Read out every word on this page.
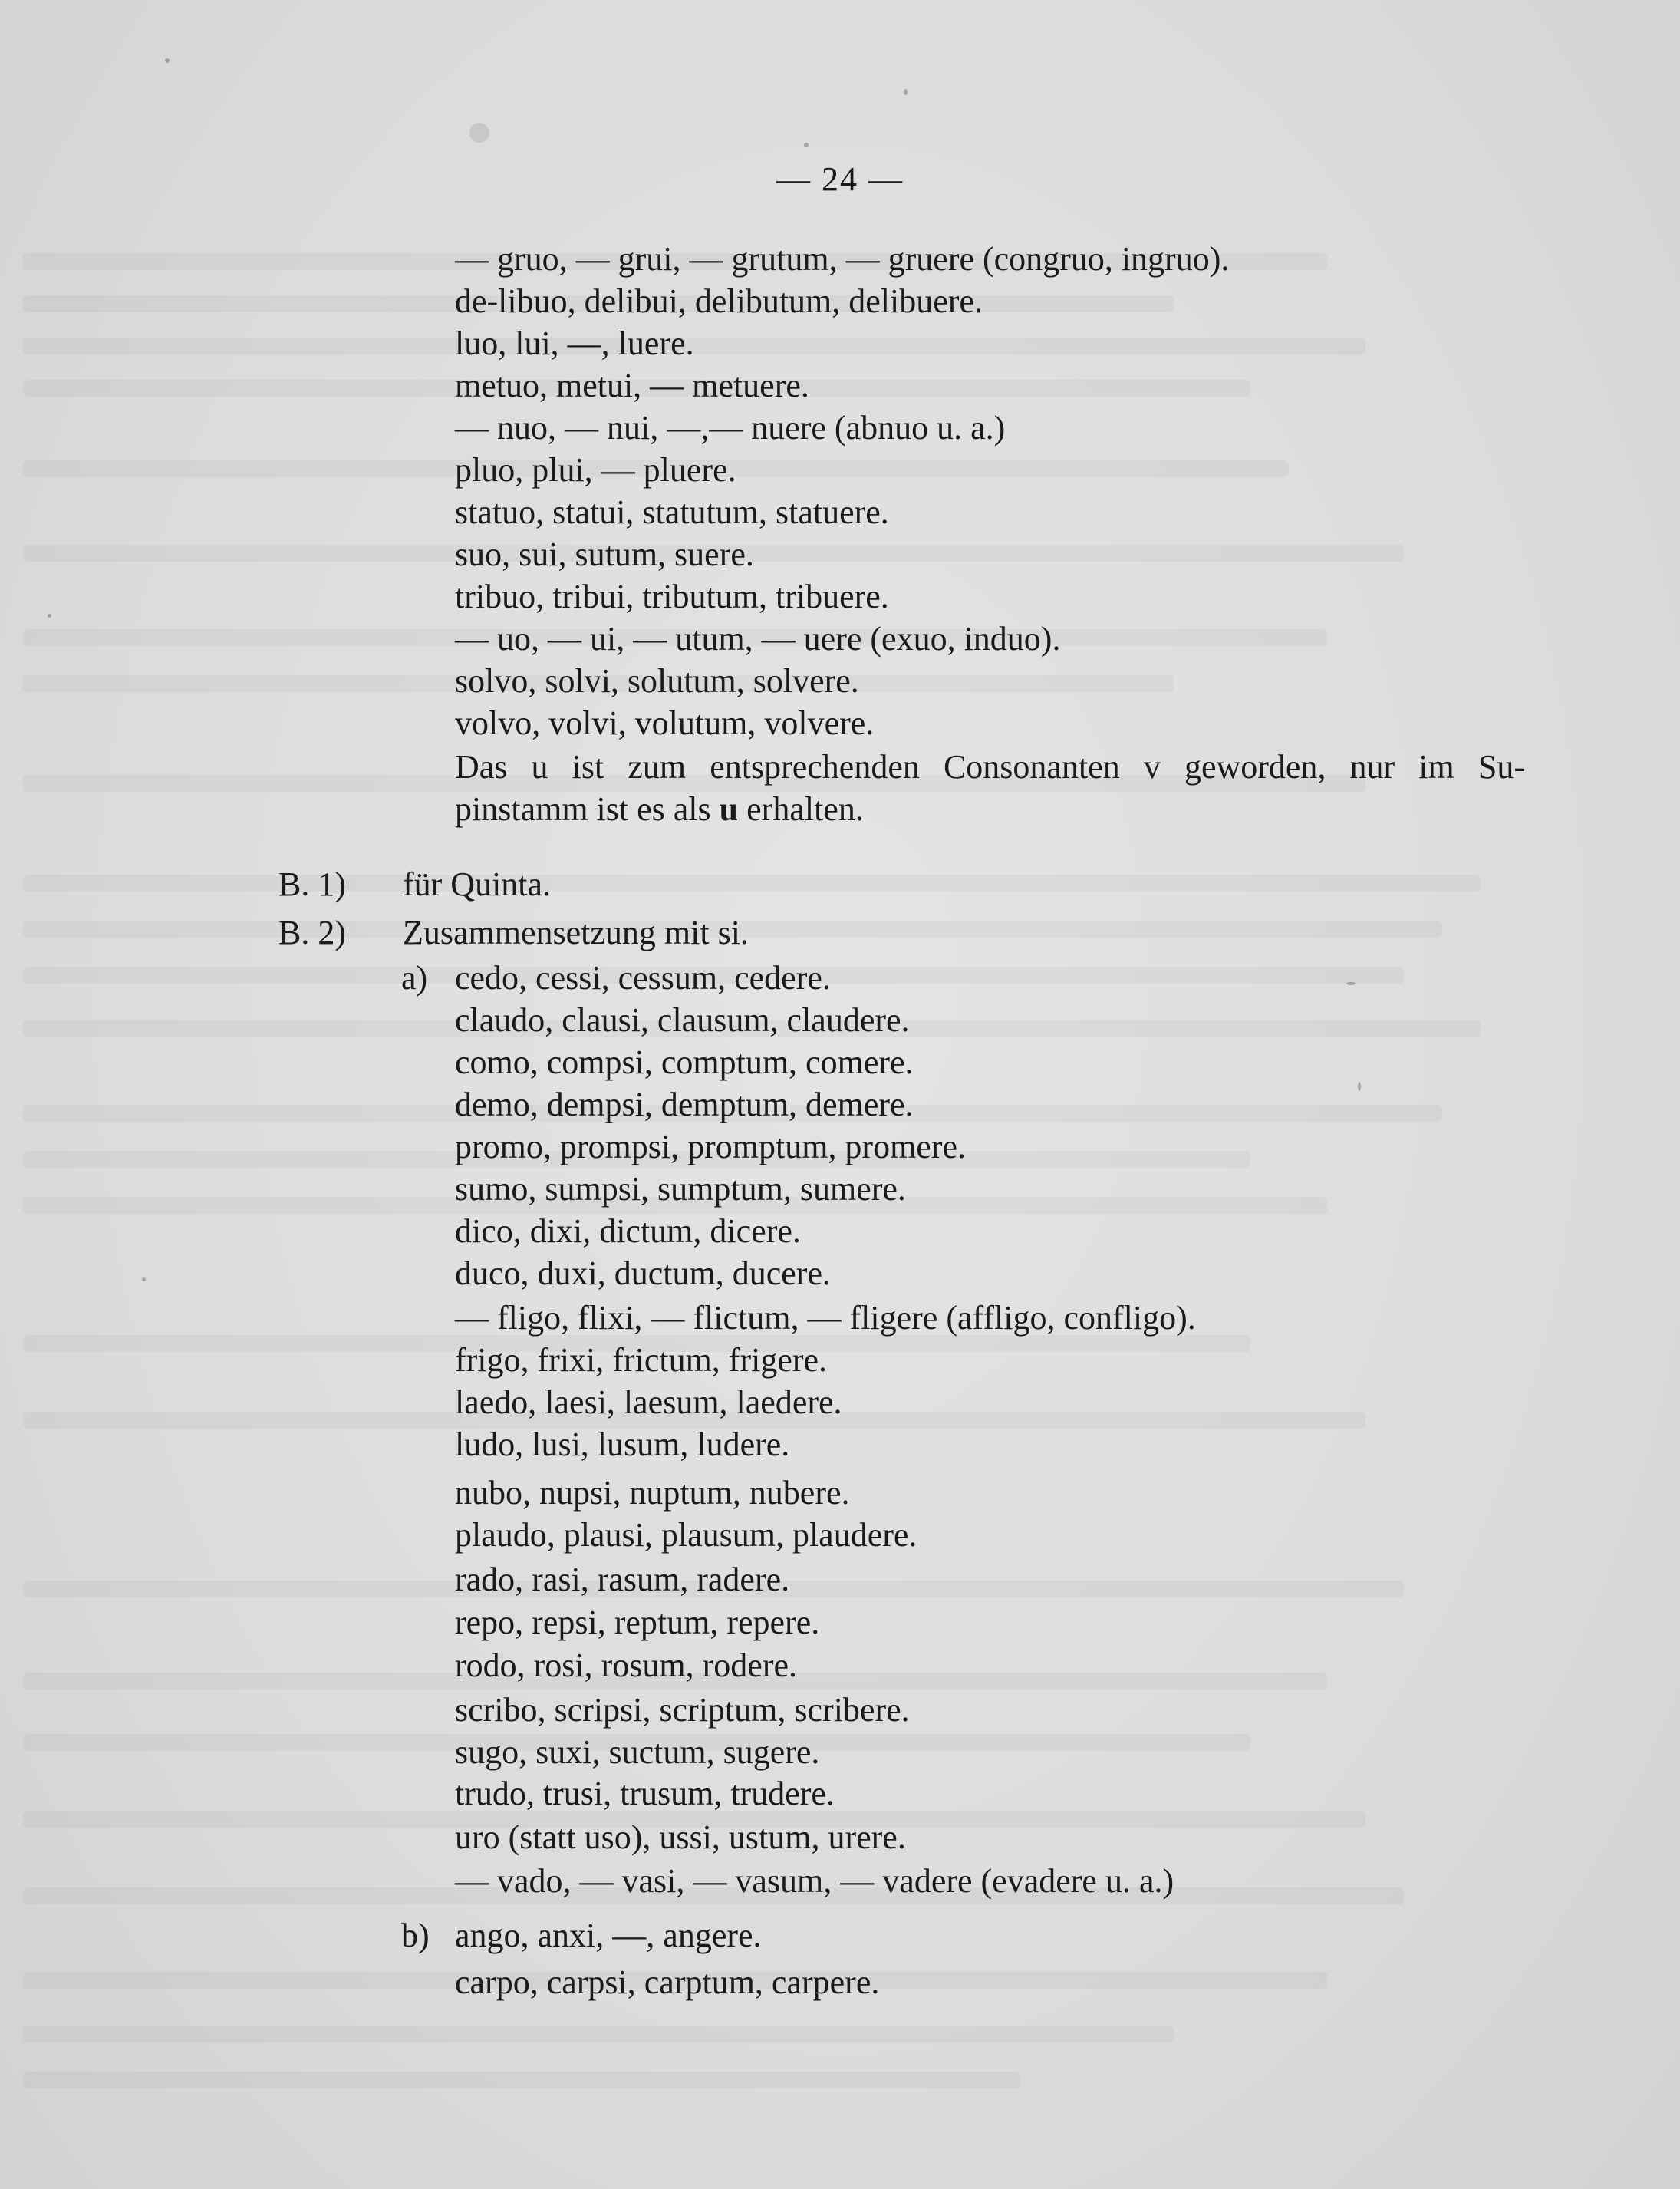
— 24 —
— gruo, — grui, — grutum, — gruere (congruo, ingruo).
de-libuo, delibui, delibutum, delibuere.
luo, lui, —, luere.
metuo, metui, — metuere.
— nuo, — nui, —,— nuere (abnuo u. a.)
pluo, plui, — pluere.
statuo, statui, statutum, statuere.
suo, sui, sutum, suere.
tribuo, tribui, tributum, tribuere.
— uo, — ui, — utum, — uere (exuo, induo).
solvo, solvi, solutum, solvere.
volvo, volvi, volutum, volvere.
Das u ist zum entsprechenden Consonanten v geworden, nur im Su-
pinstamm ist es als u erhalten.
B. 1) für Quinta.
B. 2) Zusammensetzung mit si.
a) cedo, cessi, cessum, cedere.
claudo, clausi, clausum, claudere.
como, compsi, comptum, comere.
demo, dempsi, demptum, demere.
promo, prompsi, promptum, promere.
sumo, sumpsi, sumptum, sumere.
dico, dixi, dictum, dicere.
duco, duxi, ductum, ducere.
— fligo, flixi, — flictum, — fligere (affligo, confligo).
frigo, frixi, frictum, frigere.
laedo, laesi, laesum, laedere.
ludo, lusi, lusum, ludere.
nubo, nupsi, nuptum, nubere.
plaudo, plausi, plausum, plaudere.
rado, rasi, rasum, radere.
repo, repsi, reptum, repere.
rodo, rosi, rosum, rodere.
scribo, scripsi, scriptum, scribere.
sugo, suxi, suctum, sugere.
trudo, trusi, trusum, trudere.
uro (statt uso), ussi, ustum, urere.
— vado, — vasi, — vasum, — vadere (evadere u. a.)
b) ango, anxi, —, angere.
carpo, carpsi, carptum, carpere.
